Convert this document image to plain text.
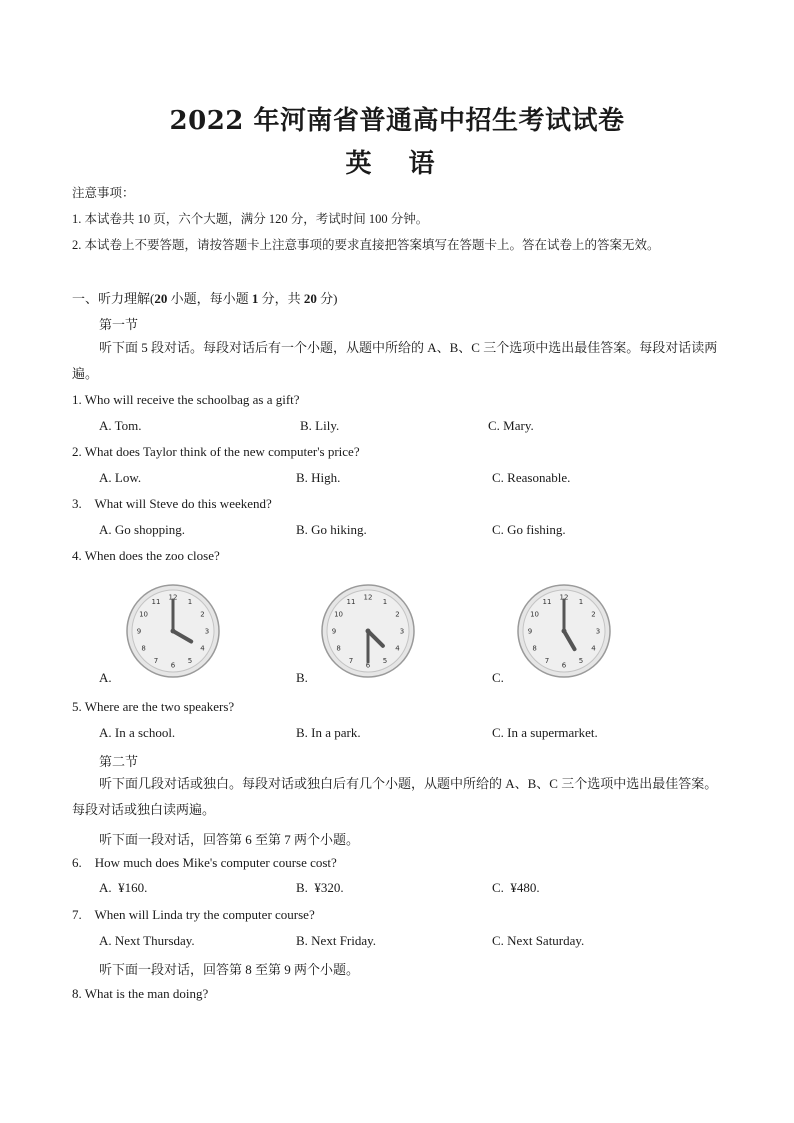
2022 年河南省普通高中招生考试试卷
英 语
注意事项：
1. 本试卷共 10 页，六个大题，满分 120 分，考试时间 100 分钟。
2. 本试卷上不要答题，请按答题卡上注意事项的要求直接把答案填写在答题卡上。答在试卷上的答案无效。
一、听力理解(20 小题，每小题 1 分，共 20 分)
第一节
听下面 5 段对话。每段对话后有一个小题，从题中所给的 A、B、C 三个选项中选出最佳答案。每段对话读两遍。
1. Who will receive the schoolbag as a gift?
A. Tom.	B. Lily.	C. Mary.
2. What does Taylor think of the new computer's price?
A. Low.	B. High.	C. Reasonable.
3.    What will Steve do this weekend?
A. Go shopping.	B. Go hiking.	C. Go fishing.
4. When does the zoo close?
1
2
3
4
5
6
7
8
9
10
11
12
1
2
3
4
5
6
7
8
9
10
11
12
1
2
3
4
5
6
7
8
9
10
11
12
A.	B.	C.
5. Where are the two speakers?
A. In a school.	B. In a park.	C. In a supermarket.
第二节
听下面几段对话或独白。每段对话或独白后有几个小题，从题中所给的 A、B、C 三个选项中选出最佳答案。每段对话或独白读两遍。
听下面一段对话，回答第 6 至第 7 两个小题。
6.    How much does Mike's computer course cost?
A.  ¥160.	B.  ¥320.	C.  ¥480.
7.    When will Linda try the computer course?
A. Next Thursday.	B. Next Friday.	C. Next Saturday.
听下面一段对话，回答第 8 至第 9 两个小题。
8. What is the man doing?
